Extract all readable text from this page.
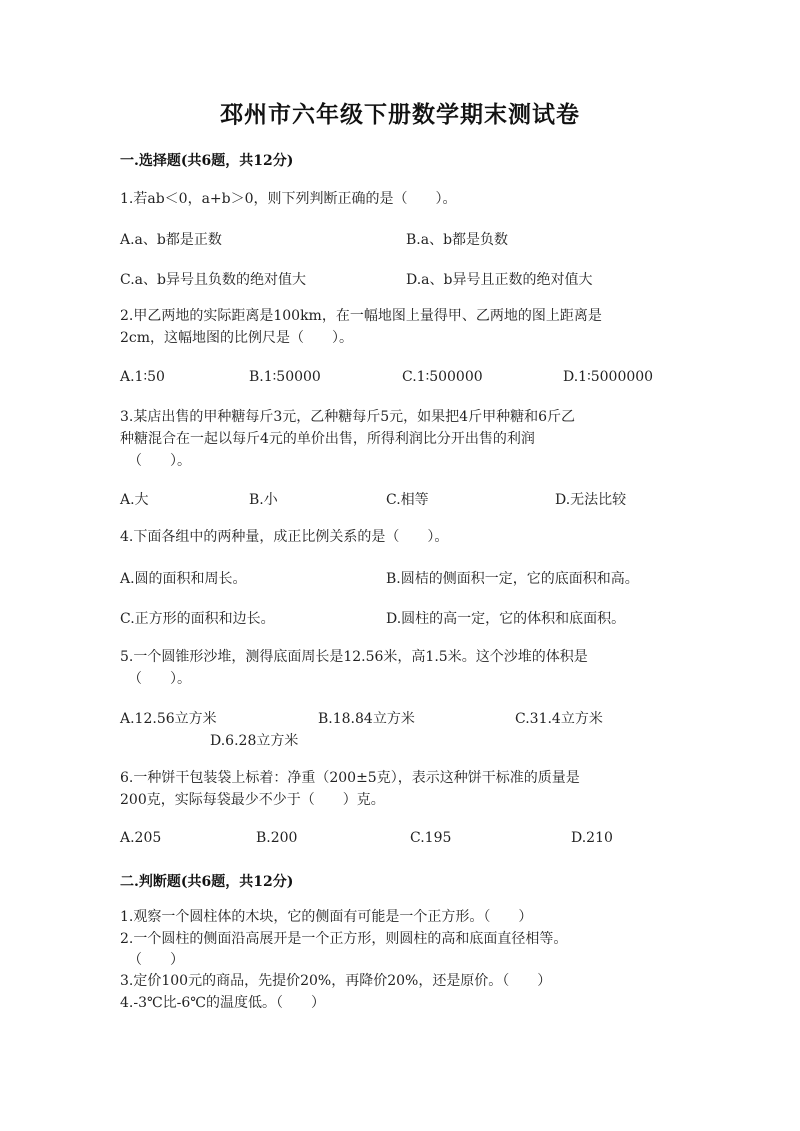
邳州市六年级下册数学期末测试卷
一.选择题(共6题，共12分)
1.若ab＜0，a+b＞0，则下列判断正确的是（　　）。
A.a、b都是正数	B.a、b都是负数
C.a、b异号且负数的绝对值大	D.a、b异号且正数的绝对值大
2.甲乙两地的实际距离是100km，在一幅地图上量得甲、乙两地的图上距离是
2cm，这幅地图的比例尺是（　　）。
A.1∶50	B.1∶50000	C.1∶500000	D.1∶5000000
3.某店出售的甲种糖每斤3元，乙种糖每斤5元，如果把4斤甲种糖和6斤乙
种糖混合在一起以每斤4元的单价出售，所得利润比分开出售的利润
（　　）。
A.大	B.小	C.相等	D.无法比较
4.下面各组中的两种量，成正比例关系的是（　　）。
A.圆的面积和周长。	B.圆桔的侧面积一定，它的底面积和高。
C.正方形的面积和边长。	D.圆柱的高一定，它的体积和底面积。
5.一个圆锥形沙堆，测得底面周长是12.56米，高1.5米。这个沙堆的体积是
（　　）。
A.12.56立方米	B.18.84立方米	C.31.4立方米
D.6.28立方米
6.一种饼干包装袋上标着：净重（200±5克），表示这种饼干标准的质量是
200克，实际每袋最少不少于（　　）克。
A.205	B.200	C.195	D.210
二.判断题(共6题，共12分)
1.观察一个圆柱体的木块，它的侧面有可能是一个正方形。（　　）
2.一个圆柱的侧面沿高展开是一个正方形，则圆柱的高和底面直径相等。
（　　）
3.定价100元的商品，先提价20%，再降价20%，还是原价。（　　）
4.-3℃比-6℃的温度低。（　　）
